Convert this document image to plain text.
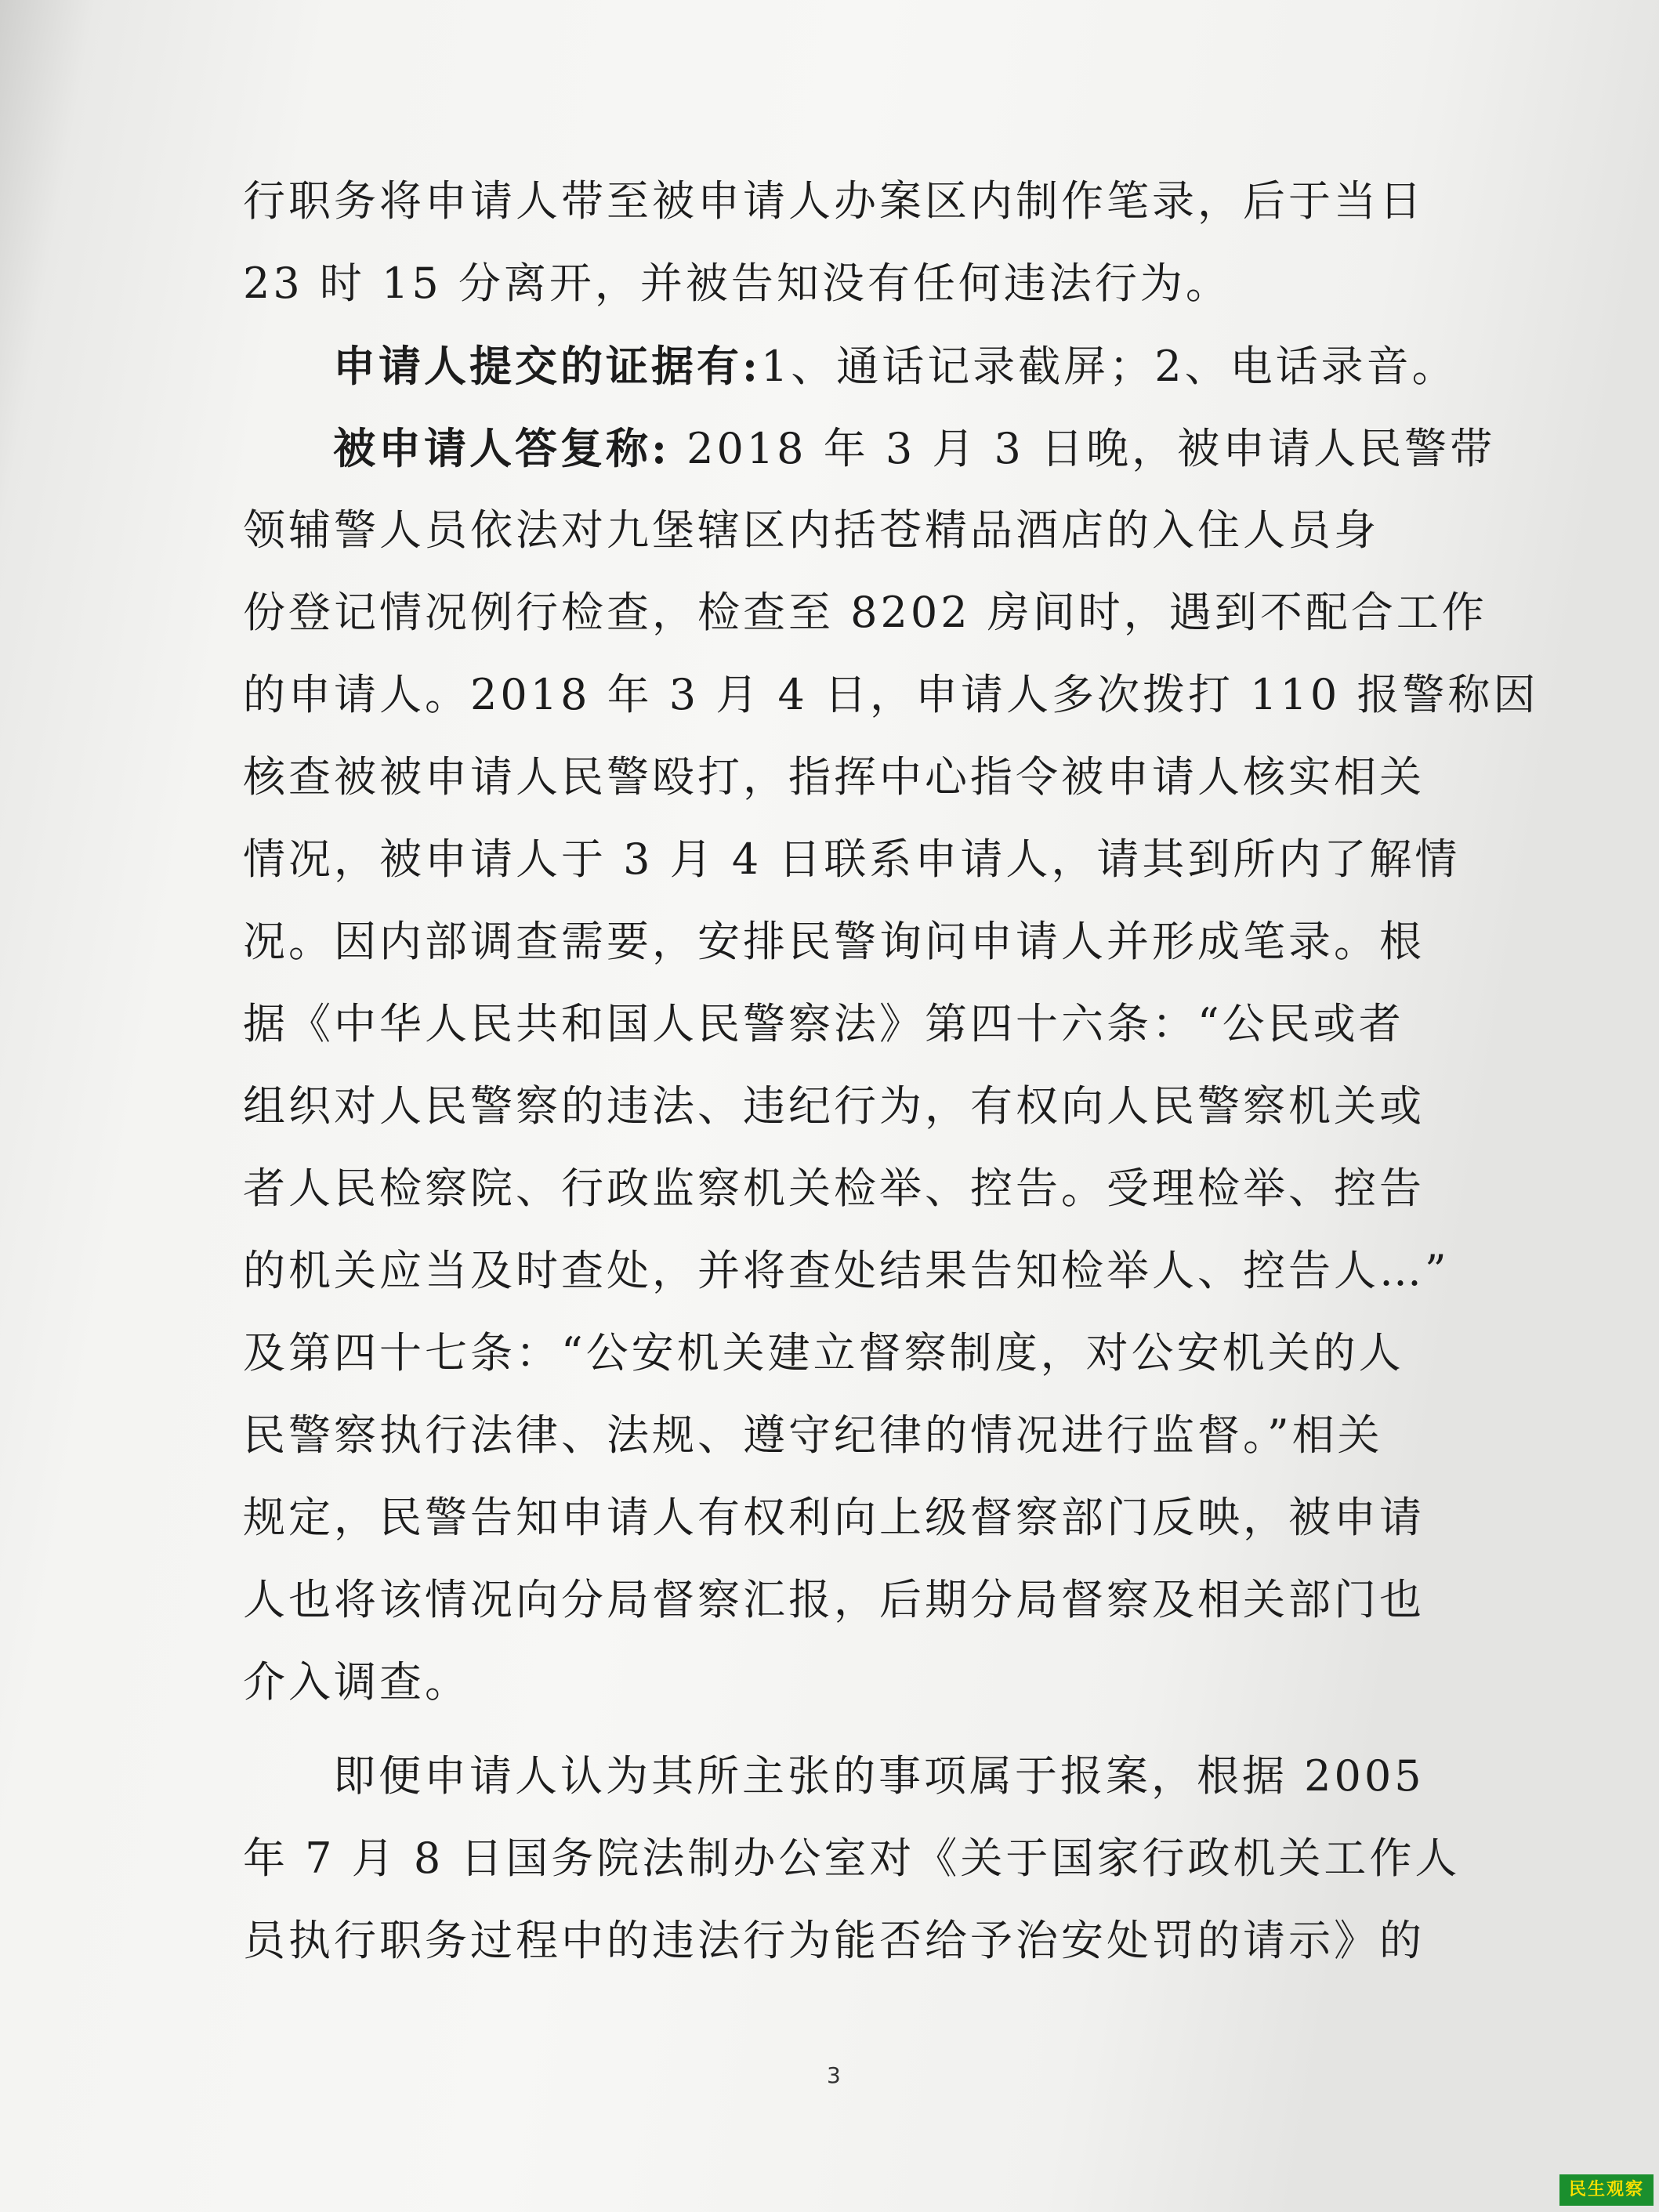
行职务将申请人带至被申请人办案区内制作笔录，后于当日
23 时 15 分离开，并被告知没有任何违法行为。
申请人提交的证据有:1、通话记录截屏；2、电话录音。
被申请人答复称: 2018 年 3 月 3 日晚，被申请人民警带
领辅警人员依法对九堡辖区内括苍精品酒店的入住人员身
份登记情况例行检查，检查至 8202 房间时，遇到不配合工作
的申请人。2018 年 3 月 4 日，申请人多次拨打 110 报警称因
核查被被申请人民警殴打，指挥中心指令被申请人核实相关
情况，被申请人于 3 月 4 日联系申请人，请其到所内了解情
况。因内部调查需要，安排民警询问申请人并形成笔录。根
据《中华人民共和国人民警察法》第四十六条：“公民或者
组织对人民警察的违法、违纪行为，有权向人民警察机关或
者人民检察院、行政监察机关检举、控告。受理检举、控告
的机关应当及时查处，并将查处结果告知检举人、控告人…”
及第四十七条：“公安机关建立督察制度，对公安机关的人
民警察执行法律、法规、遵守纪律的情况进行监督。”相关
规定，民警告知申请人有权利向上级督察部门反映，被申请
人也将该情况向分局督察汇报，后期分局督察及相关部门也
介入调查。
即便申请人认为其所主张的事项属于报案，根据 2005
年 7 月 8 日国务院法制办公室对《关于国家行政机关工作人
员执行职务过程中的违法行为能否给予治安处罚的请示》的
3
民生观察
